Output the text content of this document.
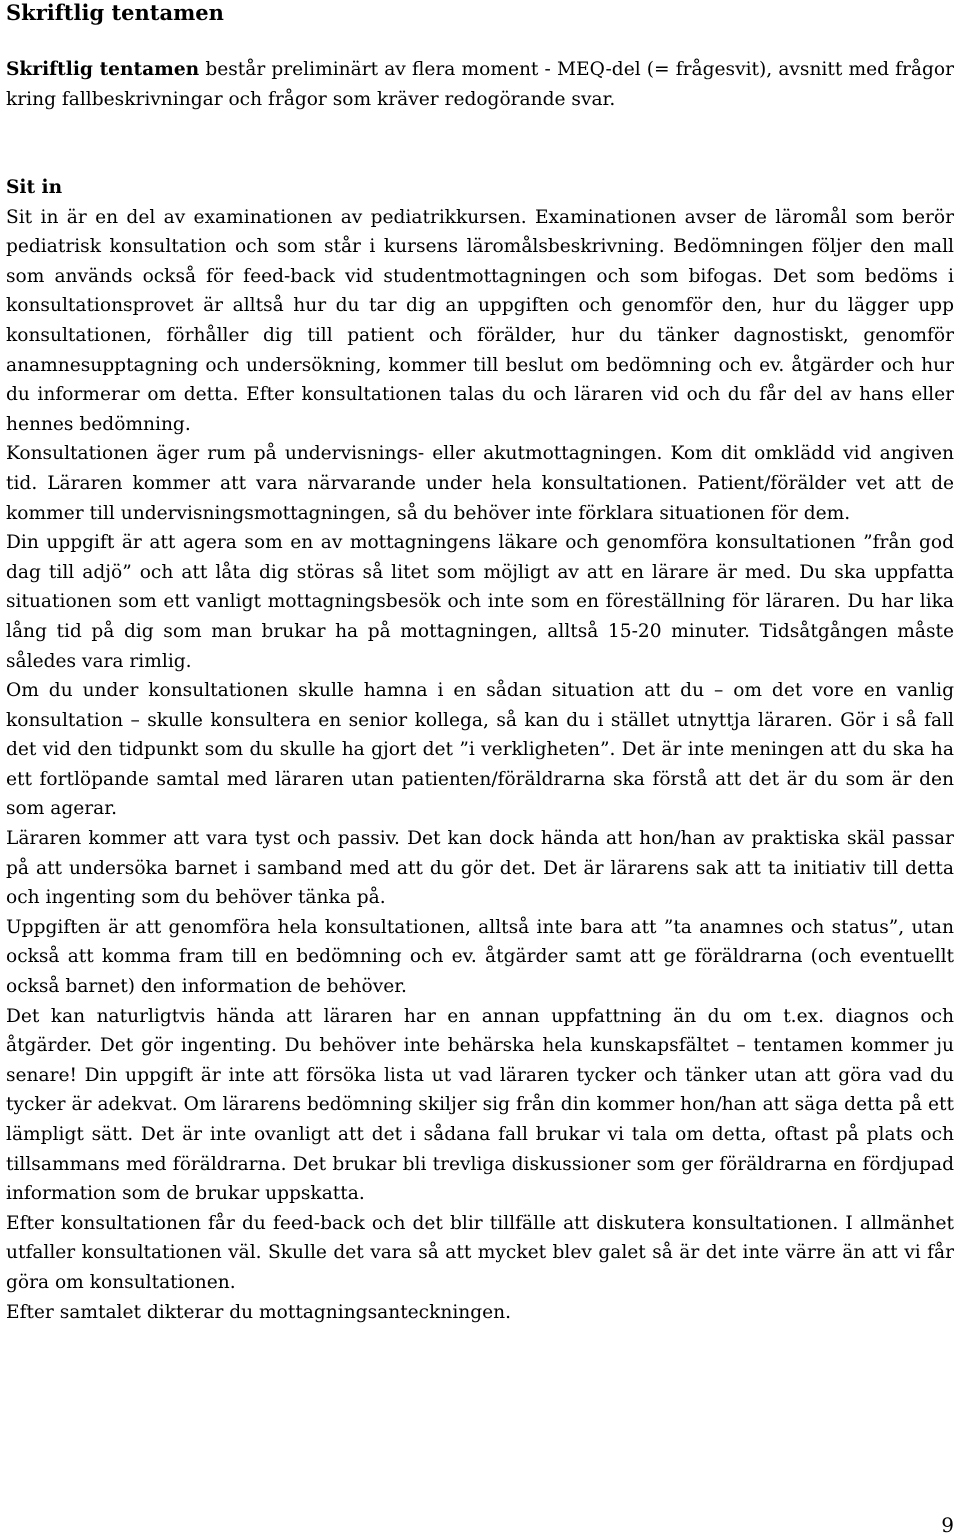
Skriftlig tentamen

Skriftlig tentamen består preliminärt av flera moment - MEQ-del (= frågesvit), avsnitt med frågor kring fallbeskrivningar och frågor som kräver redogörande svar.

Sit in
Sit in är en del av examinationen av pediatrikkursen. Examinationen avser de läromål som berör pediatrisk konsultation och som står i kursens läromålsbeskrivning. Bedömningen följer den mall som används också för feed-back vid studentmottagningen och som bifogas. Det som bedöms i konsultationsprovet är alltså hur du tar dig an uppgiften och genomför den, hur du lägger upp konsultationen, förhåller dig till patient och förälder, hur du tänker dagnostiskt, genomför anamnesupptagning och undersökning, kommer till beslut om bedömning och ev. åtgärder och hur du informerar om detta. Efter konsultationen talas du och läraren vid och du får del av hans eller hennes bedömning.
Konsultationen äger rum på undervisnings- eller akutmottagningen. Kom dit omklädd vid angiven tid. Läraren kommer att vara närvarande under hela konsultationen. Patient/förälder vet att de kommer till undervisningsmottagningen, så du behöver inte förklara situationen för dem.
Din uppgift är att agera som en av mottagningens läkare och genomföra konsultationen ”från god dag till adjö” och att låta dig störas så litet som möjligt av att en lärare är med. Du ska uppfatta situationen som ett vanligt mottagningsbesök och inte som en föreställning för läraren. Du har lika lång tid på dig som man brukar ha på mottagningen, alltså 15-20 minuter. Tidsåtgången måste således vara rimlig.
Om du under konsultationen skulle hamna i en sådan situation att du – om det vore en vanlig konsultation – skulle konsultera en senior kollega, så kan du i stället utnyttja läraren. Gör i så fall det vid den tidpunkt som du skulle ha gjort det ”i verkligheten”. Det är inte meningen att du ska ha ett fortlöpande samtal med läraren utan patienten/föräldrarna ska förstå att det är du som är den som agerar.
Läraren kommer att vara tyst och passiv. Det kan dock hända att hon/han av praktiska skäl passar på att undersöka barnet i samband med att du gör det. Det är lärarens sak att ta initiativ till detta och ingenting som du behöver tänka på.
Uppgiften är att genomföra hela konsultationen, alltså inte bara att ”ta anamnes och status”, utan också att komma fram till en bedömning och ev. åtgärder samt att ge föräldrarna (och eventuellt också barnet) den information de behöver.
Det kan naturligtvis hända att läraren har en annan uppfattning än du om t.ex. diagnos och åtgärder. Det gör ingenting. Du behöver inte behärska hela kunskapsfältet – tentamen kommer ju senare! Din uppgift är inte att försöka lista ut vad läraren tycker och tänker utan att göra vad du tycker är adekvat. Om lärarens bedömning skiljer sig från din kommer hon/han att säga detta på ett lämpligt sätt. Det är inte ovanligt att det i sådana fall brukar vi tala om detta, oftast på plats och tillsammans med föräldrarna. Det brukar bli trevliga diskussioner som ger föräldrarna en fördjupad information som de brukar uppskatta.
Efter konsultationen får du feed-back och det blir tillfälle att diskutera konsultationen. I allmänhet utfaller konsultationen väl. Skulle det vara så att mycket blev galet så är det inte värre än att vi får göra om konsultationen.
Efter samtalet dikterar du mottagningsanteckningen.
9
